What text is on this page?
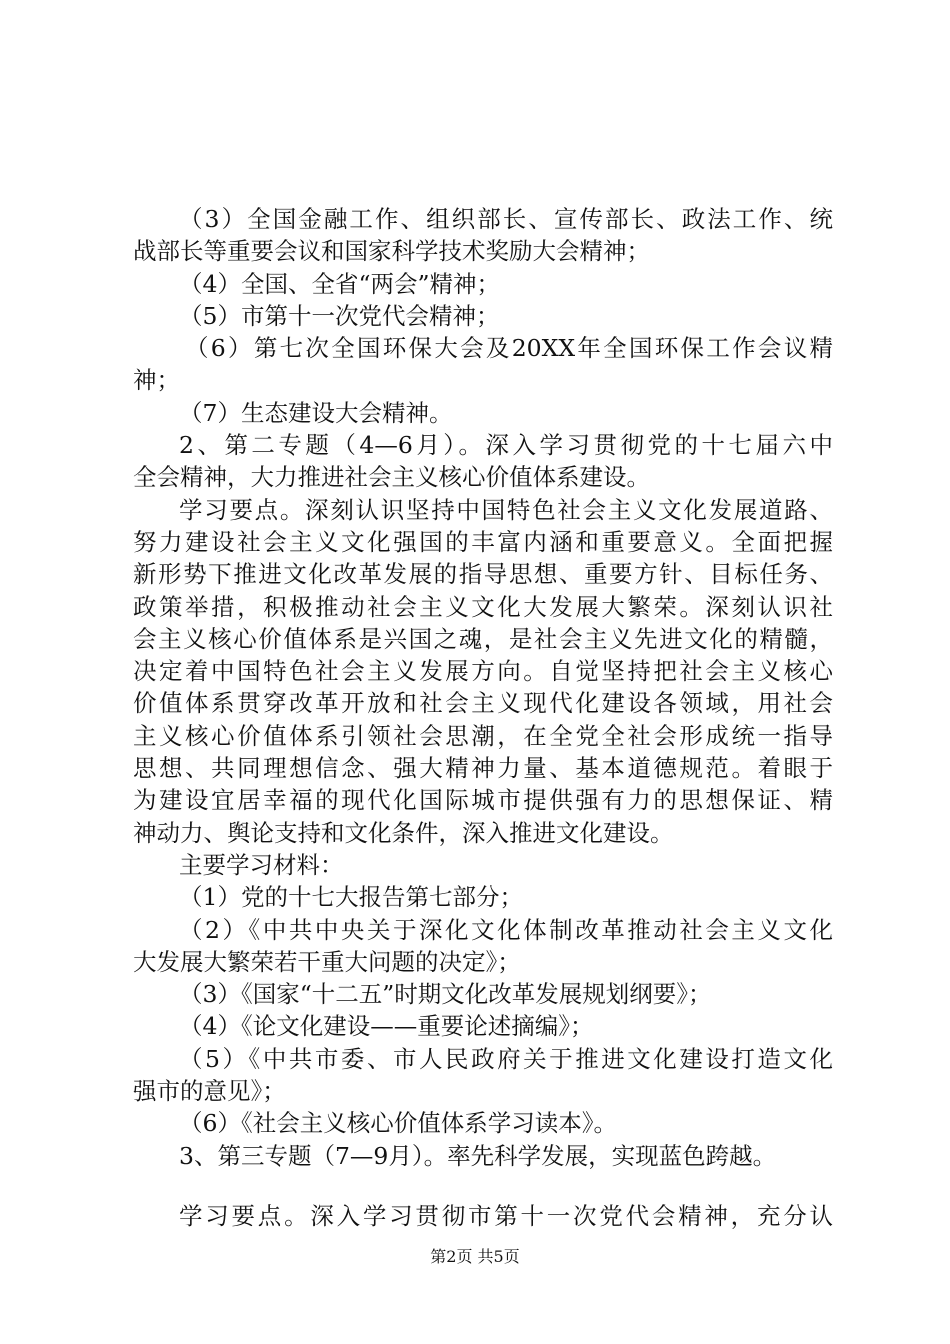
（3）全国金融工作、组织部长、宣传部长、政法工作、统
战部长等重要会议和国家科学技术奖励大会精神；
（4）全国、全省“两会”精神；
（5）市第十一次党代会精神；
（6）第七次全国环保大会及20XX年全国环保工作会议精
神；
（7）生态建设大会精神。
2、第二专题（4—6月）。深入学习贯彻党的十七届六中
全会精神，大力推进社会主义核心价值体系建设。
学习要点。深刻认识坚持中国特色社会主义文化发展道路、
努力建设社会主义文化强国的丰富内涵和重要意义。全面把握
新形势下推进文化改革发展的指导思想、重要方针、目标任务、
政策举措，积极推动社会主义文化大发展大繁荣。深刻认识社
会主义核心价值体系是兴国之魂，是社会主义先进文化的精髓，
决定着中国特色社会主义发展方向。自觉坚持把社会主义核心
价值体系贯穿改革开放和社会主义现代化建设各领域，用社会
主义核心价值体系引领社会思潮，在全党全社会形成统一指导
思想、共同理想信念、强大精神力量、基本道德规范。着眼于
为建设宜居幸福的现代化国际城市提供强有力的思想保证、精
神动力、舆论支持和文化条件，深入推进文化建设。
主要学习材料：
（1）党的十七大报告第七部分；
（2）《中共中央关于深化文化体制改革推动社会主义文化
大发展大繁荣若干重大问题的决定》；
（3）《国家“十二五”时期文化改革发展规划纲要》；
（4）《论文化建设——重要论述摘编》；
（5）《中共市委、市人民政府关于推进文化建设打造文化
强市的意见》；
（6）《社会主义核心价值体系学习读本》。
3、第三专题（7—9月）。率先科学发展，实现蓝色跨越。
学习要点。深入学习贯彻市第十一次党代会精神，充分认
第2页 共5页
